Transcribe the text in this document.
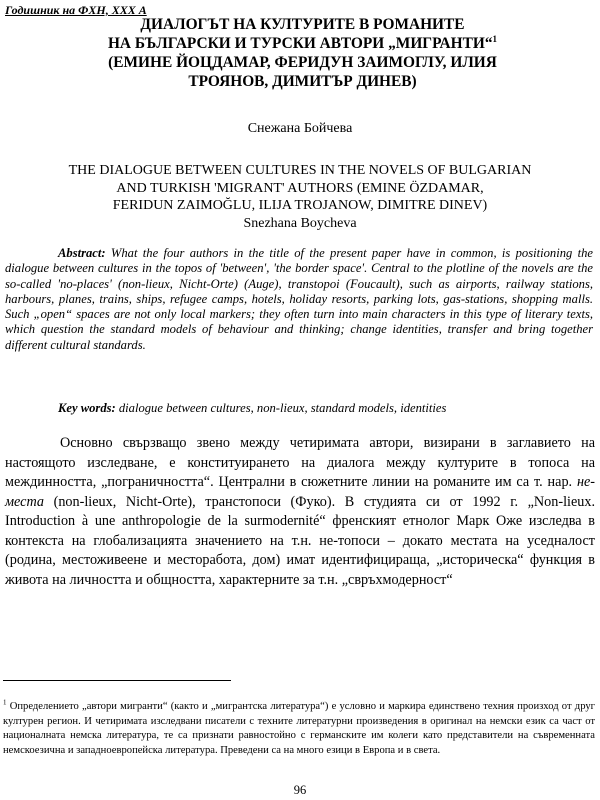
Годишник на ФХН, XXX А
ДИАЛОГЪТ НА КУЛТУРИТЕ В РОМАНИТЕ
НА БЪЛГАРСКИ И ТУРСКИ АВТОРИ „МИГРАНТИ“$^1$
(ЕМИНЕ ЙОЦДАМАР, ФЕРИДУН ЗАИМОГЛУ, ИЛИЯ
ТРОЯНОВ, ДИМИТЪР ДИНЕВ)
Снежана Бойчева
THE DIALOGUE BETWEEN CULTURES IN THE NOVELS OF BULGARIAN
AND TURKISH 'MIGRANT' AUTHORS (EMINE ÖZDAMAR,
FERIDUN ZAIMOĞLU, ILIJA TROJANOW, DIMITRE DINEV)
Snezhana Boycheva

Abstract: What the four authors in the title of the present paper have in common, is positioning the dialogue between cultures in the topos of 'between', 'the border space'. Central to the plotline of the novels are the so-called 'no-places' (non-lieux, Nicht-Orte) (Auge), transtopoi (Foucault), such as airports, railway stations, harbours, planes, trains, ships, refugee camps, hotels, holiday resorts, parking lots, gas-stations, shopping malls. Such „open“ spaces are not only local markers; they often turn into main characters in this type of literary texts, which question the standard models of behaviour and thinking; change identities, transfer and bring together different cultural standards.

Key words: dialogue between cultures, non-lieux, standard models, identities

Основно свързващо звено между четиримата автори, визирани в заглавието на настоящото изследване, е конституирането на диалога между културите в топоса на междинността, „пограничността“. Централни в сюжетните линии на романите им са т. нар. не-места (non-lieux, Nicht-Orte), транстопоси (Фуко). В студията си от 1992 г. „Non-lieux. Introduction à une anthropologie de la surmodernité“ френският етнолог Марк Оже изследва в контекста на глобализацията значението на т.н. не-топоси – докато местата на уседналост (родина, местоживеене и месторабота, дом) имат идентифицираща, „историческа“ функция в живота на личността и общността, характерните за т.н. „свръхмодерност“

$^1$ Определението „автори мигранти“ (както и „мигрантска литература“) е условно и маркира единствено техния произход от друг културен регион. И четиримата изследвани писатели с техните литературни произведения в оригинал на немски език са част от националната немска литература, те са признати равностойно с германските им колеги като представители на съвременната немскоезична и западноевропейска литература. Преведени са на много езици в Европа и в света.

96
